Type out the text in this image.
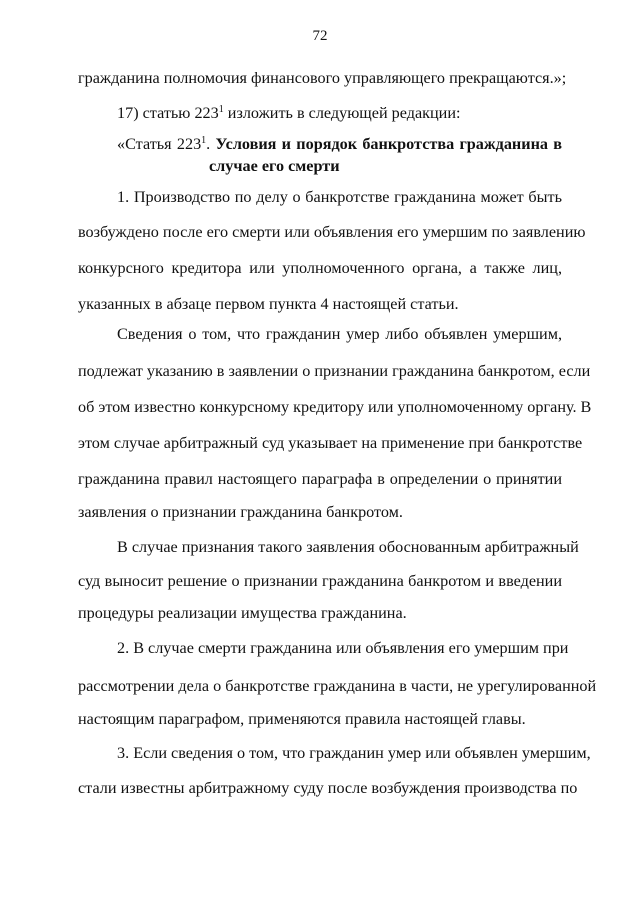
72

гражданина полномочия финансового управляющего прекращаются.»;

17) статью $223^1$ изложить в следующей редакции:

«Статья $223^1$. Условия и порядок банкротства гражданина в

случае его смерти

1. Производство по делу о банкротстве гражданина может быть

возбуждено после его смерти или объявления его умершим по заявлению

конкурсного кредитора или уполномоченного органа, а также лиц,

указанных в абзаце первом пункта 4 настоящей статьи.

Сведения о том, что гражданин умер либо объявлен умершим,

подлежат указанию в заявлении о признании гражданина банкротом, если

об этом известно конкурсному кредитору или уполномоченному органу. В

этом случае арбитражный суд указывает на применение при банкротстве

гражданина правил настоящего параграфа в определении о принятии

заявления о признании гражданина банкротом.

В случае признания такого заявления обоснованным арбитражный

суд выносит решение о признании гражданина банкротом и введении

процедуры реализации имущества гражданина.

2. В случае смерти гражданина или объявления его умершим при

рассмотрении дела о банкротстве гражданина в части, не урегулированной

настоящим параграфом, применяются правила настоящей главы.

3. Если сведения о том, что гражданин умер или объявлен умершим,

стали известны арбитражному суду после возбуждения производства по
